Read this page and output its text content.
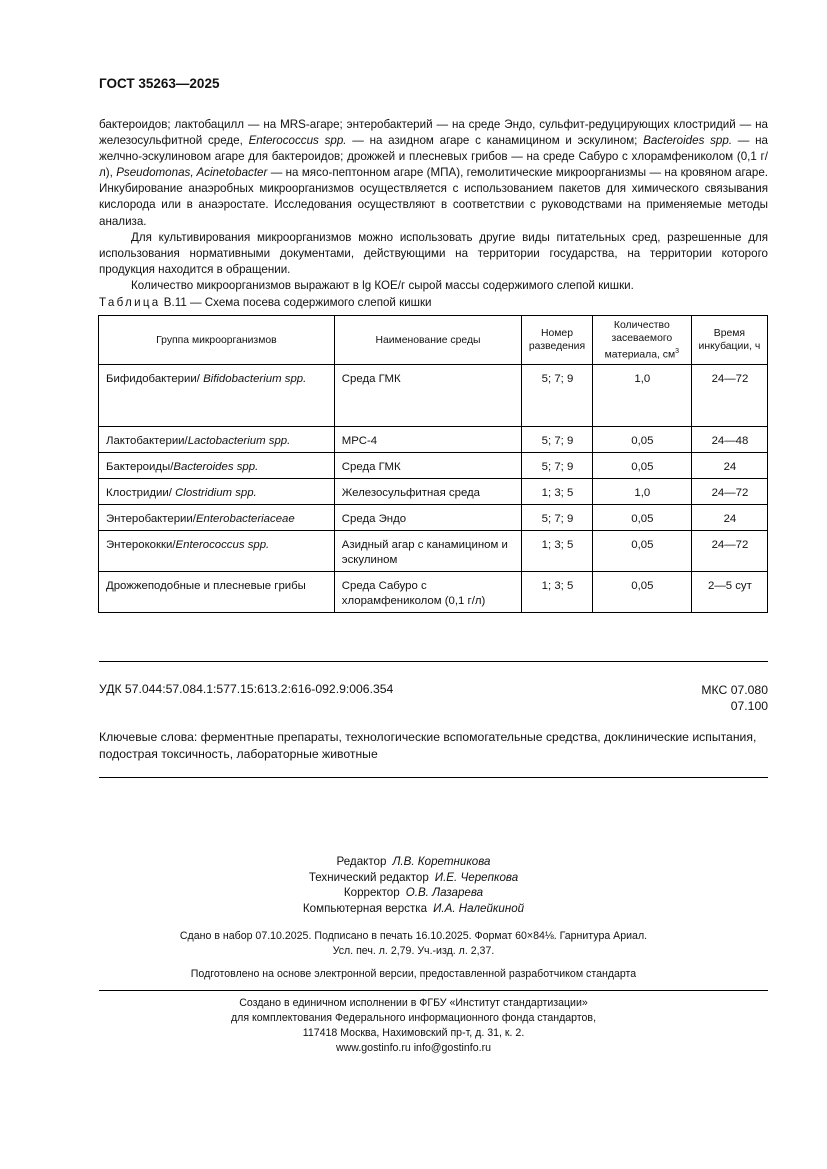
ГОСТ 35263—2025

бактероидов; лактобацилл — на MRS-агаре; энтеробактерий — на среде Эндо, сульфит-редуцирующих клостридий — на железосульфитной среде, Enterococcus spp. — на азидном агаре с канамицином и эскулином; Bacteroides spp. — на желчно-эскулиновом агаре для бактероидов; дрожжей и плесневых грибов — на среде Сабуро с хлорамфениколом (0,1 г/л), Pseudomonas, Acinetobacter — на мясо-пептонном агаре (МПА), гемолитические микроорганизмы — на кровяном агаре. Инкубирование анаэробных микроорганизмов осуществляется с использованием пакетов для химического связывания кислорода или в анаэростате. Исследования осуществляют в соответствии с руководствами на применяемые методы анализа.

Для культивирования микроорганизмов можно использовать другие виды питательных сред, разрешенные для использования нормативными документами, действующими на территории государства, на территории которого продукция находится в обращении.

Количество микроорганизмов выражают в lg КОЕ/г сырой массы содержимого слепой кишки.

Таблица В.11 — Схема посева содержимого слепой кишки
Группа микроорганизмов	Наименование среды	Номер разведения	Количество засеваемого материала, $см^3$	Время инкубации, ч
Бифидобактерии/ Bifidobacterium spp.	Среда ГМК	5; 7; 9	1,0	24—72
Лактобактерии/Lactobacterium spp.	МРС-4	5; 7; 9	0,05	24—48
Бактероиды/Bacteroides spp.	Среда ГМК	5; 7; 9	0,05	24
Клостридии/ Clostridium spp.	Железосульфитная среда	1; 3; 5	1,0	24—72
Энтеробактерии/Enterobacteriaceae	Среда Эндо	5; 7; 9	0,05	24
Энтерококки/Enterococcus spp.	Азидный агар с канамицином и эскулином	1; 3; 5	0,05	24—72
Дрожжеподобные и плесневые грибы	Среда Сабуро с хлорамфениколом (0,1 г/л)	1; 3; 5	0,05	2—5 сут
УДК 57.044:57.084.1:577.15:613.2:616-092.9:006.354	МКС 07.080
07.100
Ключевые слова: ферментные препараты, технологические вспомогательные средства, доклинические испытания, подострая токсичность, лабораторные животные
Редактор Л.В. Коретникова
Технический редактор И.Е. Черепкова
Корректор О.В. Лазарева
Компьютерная верстка И.А. Налейкиной
Сдано в набор 07.10.2025. Подписано в печать 16.10.2025. Формат 60×84⅛. Гарнитура Ариал.
Усл. печ. л. 2,79. Уч.-изд. л. 2,37.
Подготовлено на основе электронной версии, предоставленной разработчиком стандарта
Создано в единичном исполнении в ФГБУ «Институт стандартизации»
для комплектования Федерального информационного фонда стандартов,
117418 Москва, Нахимовский пр-т, д. 31, к. 2.
www.gostinfo.ru info@gostinfo.ru
